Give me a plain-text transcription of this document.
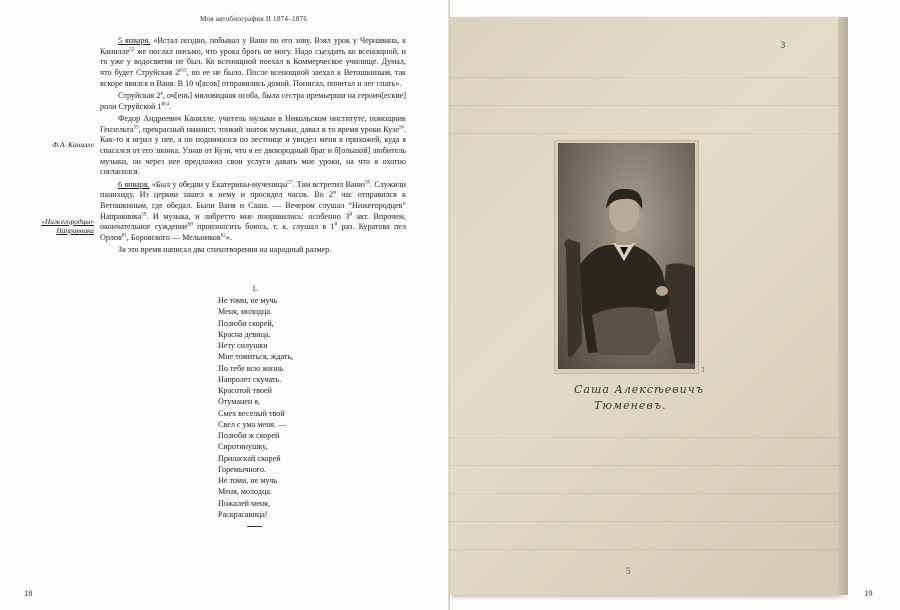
Моя автобиография II 1874–1876
Ф.А. Канилле
«Нижегородцы» Направника

5 января. «Встал поздно, побывал у Вани по его зову. Взял урок у Чернавина, к Канилле$^{52}$ же послал письмо, что урока брать не могу. Надо съездить ко всенощной, и то уже у водосвятия не был. Ко всенощной поехал в Коммерческое училище. Думал, что будет Струйская $2^{я53}$, но ее не было. После всенощной заехал к Ветошкиным, так вскоре явился и Ваня. В 10 ч[асов] отправились домой. Пописал, почитал и лег спать».

Струйская $2^я$, оч[ень] миловидная особа, была сестра премьерши на героич[еские] роли Струйской $1^{й54}$.

Федор Андреевич Канилле, учитель музыки в Никольском институте, помощник Гензельта$^{55}$, прекрасный пианист, тонкий знаток музыки, давал в то время уроки Кузе$^{56}$. Как-то я играл у нее, а он поднимался по лестнице и увидел меня в прихожей, куда я спасался от его звонка. Узнав от Кузи, что я ее двоюродный брат и б[ольшой] любитель музыки, он через нее предложил свои услуги давать мне уроки, на что я охотно согласился.

6 января. «Был у обедни у Екатерины-мученицы$^{57}$. Там встретил Ваню$^{58}$. Служили панихиду. Из церкви зашел к нему и просидел часок. Во $2^м$ час отправился к Ветошкиным, где обедал. Были Ваня и Саша. — Вечером слушал “Нижегородцев” Направника$^{59}$. И музыка, и либретто мне понравились: особенно $3^й$ акт. Впрочем, окончательное суждение$^{60}$ произносить боюсь, т. к. слушал в $1^й$ раз. Куратова пел Орлов$^{61}$, Боровского — Мельников$^{62}$».

За это время написал два стихотворения на народный размер.

1.
Не томи, не мучь
Меня, молодца.
Полюби скорей,
Красна девица.
Нету силушки
Мне томиться, ждать,
По тебе всю жизнь
Напролет скучать.
Красотой твоей
Отуманен я,
Смех веселый твой
Свел с ума меня. —
Полюби ж скорей
Сиротинушку,
Приласкай скорей
Горемычного.
Не томи, не мучь
Меня, молодца.
Пожалей меня,
Раскрасавица!
18
3
3
Саша Алексѣевичъ
Тюменевъ.
5
19
